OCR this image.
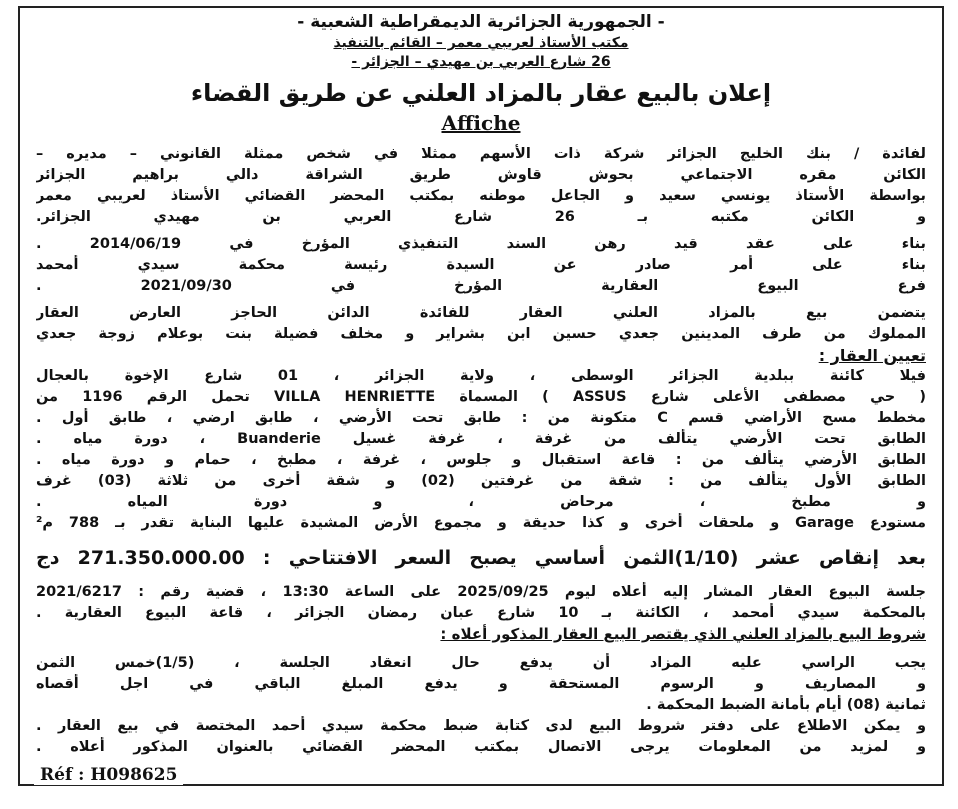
- الجمهورية الجزائرية الديمقراطية الشعبية -
مكتب الأستاذ لعريبي معمر – القائم بالتنفيذ
26 شارع العربي بن مهيدي – الجزائر -
إعلان بالبيع عقار بالمزاد العلني عن طريق القضاء
Affiche
لفائدة / بنك الخليج الجزائر شركة ذات الأسهم ممثلا في شخص ممثلة القانوني – مديره –
الكائن مقره الاجتماعي بحوش قاوش طريق الشراقة دالي براهيم الجزائر
بواسطة الأستاذ يونسي سعيد و الجاعل موطنه بمكتب المحضر القضائي الأستاذ لعريبي معمر
و الكائن مكتبه بـ 26 شارع العربي بن مهيدي الجزائر.
بناء على عقد قيد رهن السند التنفيذي المؤرخ في 2014/06/19 .
بناء على أمر صادر عن السيدة رئيسة محكمة سيدي أمحمد
فرع البيوع العقارية المؤرخ في 2021/09/30 .
يتضمن بيع بالمزاد العلني العقار للفائدة الدائن الحاجز العارض العقار
المملوك من طرف المدينين جعدي حسين ابن بشراير و مخلف فضيلة بنت بوعلام زوجة جعدي
تعيين العقار :
فيلا كائنة ببلدية الجزائر الوسطى ، ولاية الجزائر ، 01 شارع الإخوة بالعجال
( حي مصطفى الأعلى شارع ASSUS ) المسماة VILLA HENRIETTE تحمل الرقم 1196 من
مخطط مسح الأراضي قسم C متكونة من : طابق تحت الأرضي ، طابق ارضي ، طابق أول .
الطابق تحت الأرضي يتألف من غرفة ، غرفة غسيل Buanderie ، دورة مياه .
الطابق الأرضي يتألف من : قاعة استقبال و جلوس ، غرفة ، مطبخ ، حمام و دورة مياه .
الطابق الأول يتألف من : شقة من غرفتين (02) و شقة أخرى من ثلاثة (03) غرف
و مطبخ ، مرحاض ، و دورة المياه .
مستودع Garage و ملحقات أخرى و كذا حديقة و مجموع الأرض المشيدة عليها البناية تقدر بـ 788 م²
بعد إنقاص عشر (1/10)الثمن أساسي يصبح السعر الافتتاحي : 271.350.000.00 دج
جلسة البيوع العقار المشار إليه أعلاه ليوم 2025/09/25 على الساعة 13:30 ، قضية رقم : 2021/6217
بالمحكمة سيدي أمحمد ، الكائنة بـ 10 شارع عبان رمضان الجزائر ، قاعة البيوع العقارية .
شروط البيع بالمزاد العلني الذي يقتصر البيع العقار المذكور أعلاه :
يجب الراسي عليه المزاد أن يدفع حال انعقاد الجلسة ، (1/5)خمس الثمن
و المصاريف و الرسوم المستحقة و يدفع المبلغ الباقي في اجل أقصاه
ثمانية (08) أيام بأمانة الضبط المحكمة .
و يمكن الاطلاع على دفتر شروط البيع لدى كتابة ضبط محكمة سيدي أحمد المختصة في بيع العقار .
و لمزيد من المعلومات يرجى الاتصال بمكتب المحضر القضائي بالعنوان المذكور أعلاه .
Réf : H098625
